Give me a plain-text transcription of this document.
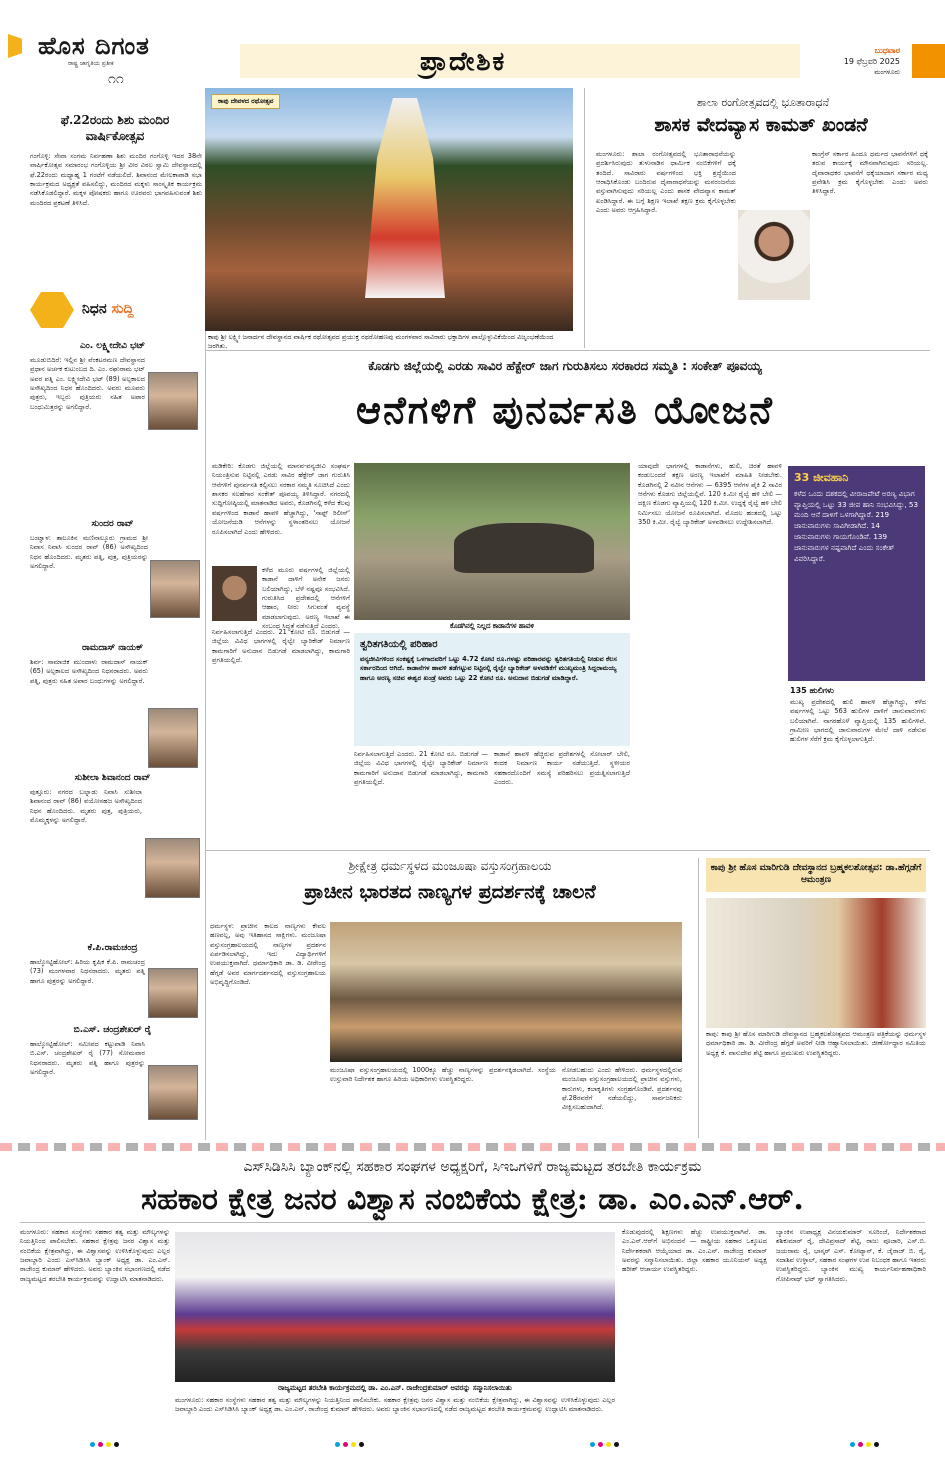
ಹೊಸ ದಿಗಂತ
ರಾಷ್ಟ್ರ ಜಾಗೃತಿಯ ಪ್ರತೀಕ
೧೧
ಪ್ರಾದೇಶಿಕ	ಬುಧವಾರ
19 ಫೆಬ್ರವರಿ 2025
ಮಂಗಳೂರು
ಫೆ.22ರಂದು ಶಿಶು ಮಂದಿರ ವಾರ್ಷಿಕೋತ್ಸವ
ಗಂಗೊಳ್ಳಿ: ಸೇವಾ ಸಂಗಮ ನಿರ್ವಹಣಾ ಶಿಶು ಮಂದಿರ ಗಂಗೊಳ್ಳಿ ಇದರ 38ನೇ ವಾರ್ಷಿಕೋತ್ಸವ ಸಮಾರಂಭ ಗಂಗೊಳ್ಳಿಯ ಶ್ರೀ ವೀರ ವಿಠಲ ಸ್ವಾಮಿ ದೇವಸ್ಥಾನದಲ್ಲಿ ಫೆ.22ರಂದು ಮಧ್ಯಾಹ್ನ 1 ಗಂಟೆಗೆ ನಡೆಯಲಿದೆ. ಶಿವಾನಂದ ಮೇಲಕಾಪಾಡಿ ಸಭಾ ಕಾರ್ಯಕ್ರಮದ ಅಧ್ಯಕ್ಷತೆ ವಹಿಸಲಿದ್ದು, ಮಂದಿರದ ಮಕ್ಕಳು ಸಾಂಸ್ಕೃತಿಕ ಕಾರ್ಯಕ್ರಮ ನಡೆಸಿಕೊಡಲಿದ್ದಾರೆ. ಮಕ್ಕಳ ಪೋಷಕರು ಹಾಗೂ ಊರವರು ಭಾಗವಹಿಸುವಂತೆ ಶಿಶು ಮಂದಿರದ ಪ್ರಕಟಣೆ ತಿಳಿಸಿದೆ.
ನಿಧನ ಸುದ್ದಿ
ಎಂ. ಲಕ್ಷ್ಮೀದೇವಿ ಭಟ್
ಮೂಡುಬಿದಿರೆ: ಇಲ್ಲಿನ ಶ್ರೀ ವೆಂಕಟರಮಣ ದೇವಸ್ಥಾನದ ಪ್ರಧಾನ ಅರ್ಚಕ ಕುಟುಂಬದ ದಿ. ಎಂ. ರಘುರಾಮ ಭಟ್ ಅವರ ಪತ್ನಿ ಎಂ. ಲಕ್ಷ್ಮೀದೇವಿ ಭಟ್ (89) ಅಲ್ಪಕಾಲದ ಅಸೌಖ್ಯದಿಂದ ನಿಧನ ಹೊಂದಿದರು. ಅವರು ಮೂವರು ಪುತ್ರರು, ಇಬ್ಬರು ಪುತ್ರಿಯರು ಸಹಿತ ಅಪಾರ ಬಂಧುಮಿತ್ರರನ್ನು ಅಗಲಿದ್ದಾರೆ.
ಸುಂದರ ರಾವ್
ಬಂಟ್ವಾಳ: ತಾಲೂಕಿನ ಮಣಿನಾಲ್ಕೂರು ಗ್ರಾಮದ ಶ್ರೀ ನಿವಾಸ ನಿವಾಸಿ ಸುಂದರ ರಾವ್ (86) ಅಸೌಖ್ಯದಿಂದ ನಿಧನ ಹೊಂದಿದರು. ಮೃತರು ಪತ್ನಿ, ಪುತ್ರ, ಪುತ್ರಿಯರನ್ನು ಅಗಲಿದ್ದಾರೆ.
ರಾಮದಾಸ್ ನಾಯಕ್
ಶಿರ್ವ: ಸಾಮಾಜಿಕ ಮುಂದಾಳು ರಾಮದಾಸ್ ನಾಯಕ್ (65) ಅಲ್ಪಕಾಲದ ಅಸೌಖ್ಯದಿಂದ ನಿಧನರಾದರು. ಅವರು ಪತ್ನಿ, ಪುತ್ರರು ಸಹಿತ ಅಪಾರ ಬಂಧುಗಳನ್ನು ಅಗಲಿದ್ದಾರೆ.
ಸುಶೀಲಾ ಶಿವಾನಂದ ರಾವ್
ಪುತ್ತೂರು: ನಗರದ ಬಲ್ನಾಡು ನಿವಾಸಿ ಸುಶೀಲಾ ಶಿವಾನಂದ ರಾವ್ (86) ವಯೋಸಹಜ ಅಸೌಖ್ಯದಿಂದ ನಿಧನ ಹೊಂದಿದರು. ಮೃತರು ಪುತ್ರ, ಪುತ್ರಿಯರು, ಮೊಮ್ಮಕ್ಕಳನ್ನು ಅಗಲಿದ್ದಾರೆ.
ಕೆ.ಪಿ.ರಾಮಚಂದ್ರ
ಹಾಲ್ಕೋಟ್ಟಿಹೋಲ್: ಹಿರಿಯ ಕೃಷಿಕ ಕೆ.ಪಿ. ರಾಮಚಂದ್ರ (73) ಮಂಗಳವಾರ ನಿಧನರಾದರು. ಮೃತರು ಪತ್ನಿ ಹಾಗೂ ಪುತ್ರರನ್ನು ಅಗಲಿದ್ದಾರೆ.
ಬಿ.ಎಸ್. ಚಂದ್ರಶೇಖರ್ ರೈ
ಹಾಲ್ಕೋಟ್ಟಿಹೋಲ್: ಸಮೀಪದ ಕಟ್ಟುಪಾಡಿ ನಿವಾಸಿ ಬಿ.ಎಸ್. ಚಂದ್ರಶೇಖರ್ ರೈ (77) ಸೋಮವಾರ ನಿಧನರಾದರು. ಮೃತರು ಪತ್ನಿ ಹಾಗೂ ಪುತ್ರರನ್ನು ಅಗಲಿದ್ದಾರೆ.
ಕಾಪು ದೇವಳದ ರಥೋತ್ಸವ
ಕಾಪು ಶ್ರೀ ಲಕ್ಷ್ಮೀ ಜನಾರ್ದನ ದೇವಸ್ಥಾನದ ವಾರ್ಷಿಕ ರಥೋತ್ಸವದ ಪ್ರಯುಕ್ತ ರಥರೋಹಣವು ಮಂಗಳವಾರ ಸಾವಿರಾರು ಭಕ್ತಾದಿಗಳ ಪಾಲ್ಗೊಳ್ಳುವಿಕೆಯಿಂದ ವಿಜೃಂಭಣೆಯಿಂದ ಜರಗಿತು.
ಶಾಲಾ ರಂಗೋತ್ಸವದಲ್ಲಿ ಭೂತಾರಾಧನೆ
ಶಾಸಕ ವೇದವ್ಯಾಸ ಕಾಮತ್ ಖಂಡನೆ
ಮಂಗಳೂರು: ಶಾಲಾ ರಂಗೋತ್ಸವದಲ್ಲಿ ಭೂತಾರಾಧನೆಯನ್ನು ಪ್ರದರ್ಶಿಸಿರುವುದು ತುಳುನಾಡಿನ ಧಾರ್ಮಿಕ ನಂಬಿಕೆಗಳಿಗೆ ಧಕ್ಕೆ ತಂದಿದೆ. ಸಾವಿರಾರು ವರ್ಷಗಳಿಂದ ಭಕ್ತಿ ಶ್ರದ್ಧೆಯಿಂದ ಆರಾಧಿಸಿಕೊಂಡು ಬಂದಿರುವ ದೈವಾರಾಧನೆಯನ್ನು ಮನರಂಜನೆಯ ವಸ್ತುವಾಗಿಸುವುದು ಸರಿಯಲ್ಲ ಎಂದು ಶಾಸಕ ವೇದವ್ಯಾಸ ಕಾಮತ್ ಖಂಡಿಸಿದ್ದಾರೆ. ಈ ಬಗ್ಗೆ ಶಿಕ್ಷಣ ಇಲಾಖೆ ತಕ್ಷಣ ಕ್ರಮ ಕೈಗೊಳ್ಳಬೇಕು ಎಂದು ಅವರು ಆಗ್ರಹಿಸಿದ್ದಾರೆ.
ಕಾಂಗ್ರೆಸ್ ಸರ್ಕಾರ ಹಿಂದೂ ಧರ್ಮದ ಭಾವನೆಗಳಿಗೆ ಧಕ್ಕೆ ತರುವ ಕಾರ್ಯಕ್ಕೆ ಮೌನವಾಗಿರುವುದು ಸರಿಯಲ್ಲ. ದೈವಾರಾಧಕರ ಭಾವನೆಗೆ ಧಕ್ಕೆಯಾದಾಗ ಸರ್ಕಾರ ಮಧ್ಯ ಪ್ರವೇಶಿಸಿ ಕ್ರಮ ಕೈಗೊಳ್ಳಬೇಕು ಎಂದು ಅವರು ತಿಳಿಸಿದ್ದಾರೆ.
ಕೊಡಗು ಜಿಲ್ಲೆಯಲ್ಲಿ ಎರಡು ಸಾವಿರ ಹೆಕ್ಟೇರ್ ಜಾಗ ಗುರುತಿಸಲು ಸರಕಾರದ ಸಮ್ಮತಿ : ಸಂಕೇತ್ ಪೂವಯ್ಯ
ಆನೆಗಳಿಗೆ ಪುನರ್ವಸತಿ ಯೋಜನೆ
ಮಡಿಕೇರಿ: ಕೊಡಗು ಜಿಲ್ಲೆಯಲ್ಲಿ ಮಾನವ-ವನ್ಯಜೀವಿ ಸಂಘರ್ಷ ನಿಯಂತ್ರಿಸುವ ನಿಟ್ಟಿನಲ್ಲಿ ಎರಡು ಸಾವಿರ ಹೆಕ್ಟೇರ್ ಜಾಗ ಗುರುತಿಸಿ ಆನೆಗಳಿಗೆ ಪುನರ್ವಸತಿ ಕಲ್ಪಿಸಲು ಸರಕಾರ ಸಮ್ಮತಿ ಸೂಚಿಸಿದೆ ಎಂದು ಶಾಸಕರ ಸಲಹೆಗಾರ ಸಂಕೇತ್ ಪೂವಯ್ಯ ತಿಳಿಸಿದ್ದಾರೆ. ನಗರದಲ್ಲಿ ಸುದ್ದಿಗೋಷ್ಠಿಯಲ್ಲಿ ಮಾತನಾಡಿದ ಅವರು, ಕೊಡಗಿನಲ್ಲಿ ಕಳೆದ ಕೆಲವು ವರ್ಷಗಳಿಂದ ಕಾಡಾನೆ ಹಾವಳಿ ಹೆಚ್ಚಾಗಿದ್ದು, 'ಸಾಫ್ಟ್ ರಿಲೀಸ್' ಯೋಜನೆಯಡಿ ಆನೆಗಳನ್ನು ಸ್ಥಳಾಂತರಿಸಲು ಯೋಜನೆ ರೂಪಿಸಲಾಗಿದೆ ಎಂದು ಹೇಳಿದರು.
ಕಳೆದ ಮೂರು ವರ್ಷಗಳಲ್ಲಿ ಜಿಲ್ಲೆಯಲ್ಲಿ ಕಾಡಾನೆ ದಾಳಿಗೆ ಅನೇಕ ಜನರು ಬಲಿಯಾಗಿದ್ದು, ಬೆಳೆ ನಷ್ಟವೂ ಸಂಭವಿಸಿದೆ. ಗುರುತಿಸಿದ ಪ್ರದೇಶದಲ್ಲಿ ಆನೆಗಳಿಗೆ ಆಹಾರ, ನೀರು ಸಿಗುವಂತೆ ವ್ಯವಸ್ಥೆ ಮಾಡಲಾಗುವುದು. ಅರಣ್ಯ ಇಲಾಖೆ ಈ ಸಂಬಂಧ ಸಿದ್ಧತೆ ನಡೆಸುತ್ತಿದೆ ಎಂದರು.
ನಿರ್ವಹಿಸಲಾಗುತ್ತಿದೆ ಎಂದರು. 21 ಕೋಟಿ ರೂ. ಬಿಡುಗಡೆ — ಜಿಲ್ಲೆಯ ವಿವಿಧ ಭಾಗಗಳಲ್ಲಿ ರೈಲ್ವೇ ಬ್ಯಾರಿಕೇಡ್ ನಿರ್ಮಾಣ ಕಾಮಗಾರಿಗೆ ಅನುದಾನ ಬಿಡುಗಡೆ ಮಾಡಲಾಗಿದ್ದು, ಕಾಮಗಾರಿ ಪ್ರಗತಿಯಲ್ಲಿದೆ.
ಕೊಡಗಿನಲ್ಲಿ ನಿಲ್ಲದ ಕಾಡಾನೆಗಳ ಹಾವಳಿ
ತ್ವರಿತಗತಿಯಲ್ಲಿ ಪರಿಹಾರ
ವನ್ಯಜೀವಿಗಳಿಂದ ಸಂಕಷ್ಟಕ್ಕೆ ಒಳಗಾದವರಿಗೆ ಒಟ್ಟು 4.72 ಕೋಟಿ ರೂ.ಗಳಷ್ಟು ಪರಿಹಾರವನ್ನು ತ್ವರಿತಗತಿಯಲ್ಲಿ ನೀಡುವ ಕೆಲಸ ಸರ್ಕಾರದಿಂದ ಆಗಿದೆ. ಕಾಡಾನೆಗಳ ಹಾವಳಿ ತಡೆಗಟ್ಟುವ ನಿಟ್ಟಿನಲ್ಲಿ ರೈಲ್ವೇ ಬ್ಯಾರಿಕೇಡ್ ಅಳವಡಿಕೆಗೆ ಮುಖ್ಯಮಂತ್ರಿ ಸಿದ್ದರಾಮಯ್ಯ ಹಾಗೂ ಅರಣ್ಯ ಸಚಿವ ಈಶ್ವರ ಖಂಡ್ರೆ ಅವರು ಒಟ್ಟು 22 ಕೋಟಿ ರೂ. ಅನುದಾನ ಬಿಡುಗಡೆ ಮಾಡಿದ್ದಾರೆ.
ನಿರ್ವಹಿಸಲಾಗುತ್ತಿದೆ ಎಂದರು. 21 ಕೋಟಿ ರೂ. ಬಿಡುಗಡೆ — ಜಿಲ್ಲೆಯ ವಿವಿಧ ಭಾಗಗಳಲ್ಲಿ ರೈಲ್ವೇ ಬ್ಯಾರಿಕೇಡ್ ನಿರ್ಮಾಣ ಕಾಮಗಾರಿಗೆ ಅನುದಾನ ಬಿಡುಗಡೆ ಮಾಡಲಾಗಿದ್ದು, ಕಾಮಗಾರಿ ಪ್ರಗತಿಯಲ್ಲಿದೆ.
ಕಾಡಾನೆ ಹಾವಳಿ ಹೆಚ್ಚಿರುವ ಪ್ರದೇಶಗಳಲ್ಲಿ ಸೋಲಾರ್ ಬೇಲಿ, ಕಂದಕ ನಿರ್ಮಾಣ ಕಾರ್ಯ ನಡೆಯುತ್ತಿದೆ. ಸ್ಥಳೀಯರ ಸಹಕಾರದೊಂದಿಗೆ ಸಮಸ್ಯೆ ಪರಿಹರಿಸಲು ಪ್ರಯತ್ನಿಸಲಾಗುತ್ತಿದೆ ಎಂದರು.
ಯಾವುದೇ ಭಾಗಗಳಲ್ಲಿ ಕಾಡಾನೆಗಳು, ಹುಲಿ, ಚಿರತೆ ಹಾವಳಿ ಕಂಡುಬಂದರೆ ತಕ್ಷಣ ಅರಣ್ಯ ಇಲಾಖೆಗೆ ಮಾಹಿತಿ ನೀಡಬೇಕು. ಕೊಡಗಿನಲ್ಲಿ 2 ನವೀನ ಆನೆಗಳು — 6395 ಆನೆಗಳ ಪೈಕಿ 2 ಸಾವಿರ ಆನೆಗಳು ಕೊಡಗು ಜಿಲ್ಲೆಯಲ್ಲಿವೆ. 120 ಕಿ.ಮೀ ರೈಲ್ವೆ ಹಳಿ ಬೇಲಿ — ದಕ್ಷಿಣ ಕೊಡಗು ವ್ಯಾಪ್ತಿಯಲ್ಲಿ 120 ಕಿ.ಮೀ. ಉದ್ದಕ್ಕೆ ರೈಲ್ವೆ ಹಳಿ ಬೇಲಿ ನಿರ್ಮಿಸಲು ಯೋಜನೆ ರೂಪಿಸಲಾಗಿದೆ. ಮೊದಲ ಹಂತದಲ್ಲಿ ಒಟ್ಟು 350 ಕಿ.ಮೀ. ರೈಲ್ವೆ ಬ್ಯಾರಿಕೇಡ್ ಅಳವಡಿಸಲು ಉದ್ದೇಶಿಸಲಾಗಿದೆ.
33 ಜೀವಹಾನಿ
ಕಳೆದ ಒಂದು ದಶಕದಲ್ಲಿ ವೀರಾಜಪೇಟೆ ಅರಣ್ಯ ವಿಭಾಗ ವ್ಯಾಪ್ತಿಯಲ್ಲಿ ಒಟ್ಟು 33 ಜೀವ ಹಾನಿ ಸಂಭವಿಸಿದ್ದು, 53 ಮಂದಿ ಆನೆ ದಾಳಿಗೆ ಒಳಗಾಗಿದ್ದಾರೆ. 219 ಜಾನುವಾರುಗಳು ಸಾವಿಗೀಡಾಗಿದೆ. 14 ಜಾನುವಾರುಗಳು ಗಾಯಗೊಂಡಿವೆ. 139 ಜಾನುವಾರುಗಳ ನಷ್ಟವಾಗಿದೆ ಎಂದು ಸಂಕೇತ್ ವಿವರಿಸಿದ್ದಾರೆ.
135 ಹುಲಿಗಳು
ಮುಖ್ಯ ಪ್ರದೇಶದಲ್ಲಿ ಹುಲಿ ಹಾವಳಿ ಹೆಚ್ಚಾಗಿದ್ದು, ಕಳೆದ ವರ್ಷಗಳಲ್ಲಿ ಒಟ್ಟು 563 ಹುಲಿಗಳ ದಾಳಿಗೆ ಜಾನುವಾರುಗಳು ಬಲಿಯಾಗಿವೆ. ನಾಗರಹೊಳೆ ವ್ಯಾಪ್ತಿಯಲ್ಲಿ 135 ಹುಲಿಗಳಿವೆ. ಗ್ರಾಮೀಣ ಭಾಗದಲ್ಲಿ ಜಾನುವಾರುಗಳ ಮೇಲೆ ದಾಳಿ ನಡೆಸುವ ಹುಲಿಗಳ ಸೆರೆಗೆ ಕ್ರಮ ಕೈಗೊಳ್ಳಲಾಗುತ್ತಿದೆ.
ಶ್ರೀಕ್ಷೇತ್ರ ಧರ್ಮಸ್ಥಳದ ಮಂಜೂಷಾ ವಸ್ತುಸಂಗ್ರಹಾಲಯ
ಪ್ರಾಚೀನ ಭಾರತದ ನಾಣ್ಯಗಳ ಪ್ರದರ್ಶನಕ್ಕೆ ಚಾಲನೆ
ಧರ್ಮಸ್ಥಳ: ಪ್ರಾಚೀನ ಕಾಲದ ನಾಣ್ಯಗಳು ಕೇವಲ ಹಣವಲ್ಲ, ಅವು ಇತಿಹಾಸದ ಸಾಕ್ಷಿಗಳು. ಮಂಜೂಷಾ ವಸ್ತುಸಂಗ್ರಹಾಲಯದಲ್ಲಿ ನಾಣ್ಯಗಳ ಪ್ರದರ್ಶನ ಏರ್ಪಡಿಸಲಾಗಿದ್ದು, ಇದು ವಿದ್ಯಾರ್ಥಿಗಳಿಗೆ ಉಪಯುಕ್ತವಾಗಿದೆ. ಧರ್ಮಾಧಿಕಾರಿ ಡಾ. ಡಿ. ವೀರೇಂದ್ರ ಹೆಗ್ಗಡೆ ಅವರ ಮಾರ್ಗದರ್ಶನದಲ್ಲಿ ವಸ್ತುಸಂಗ್ರಹಾಲಯ ಅಭಿವೃದ್ಧಿಗೊಂಡಿದೆ.
ಮಂಜೂಷಾ ವಸ್ತುಸಂಗ್ರಹಾಲಯದಲ್ಲಿ 1000ಕ್ಕೂ ಹೆಚ್ಚು ನಾಣ್ಯಗಳನ್ನು ಪ್ರದರ್ಶನಕ್ಕಿಡಲಾಗಿದೆ. ಸಂಸ್ಥೆಯ ಉಸ್ತುವಾರಿ ನಿರ್ದೇಶಕ ಹಾಗೂ ಹಿರಿಯ ಅಧಿಕಾರಿಗಳು ಉಪಸ್ಥಿತರಿದ್ದರು.
ನೋಡಬಹುದು ಎಂದು ಹೇಳಿದರು. ಧರ್ಮಸ್ಥಳದಲ್ಲಿರುವ ಮಂಜೂಷಾ ವಸ್ತುಸಂಗ್ರಹಾಲಯದಲ್ಲಿ ಪ್ರಾಚೀನ ವಸ್ತುಗಳು, ಕಾರುಗಳು, ಕಲಾಕೃತಿಗಳು ಸಂಗ್ರಹಗೊಂಡಿವೆ. ಪ್ರದರ್ಶನವು ಫೆ.28ರವರೆಗೆ ನಡೆಯಲಿದ್ದು, ಸಾರ್ವಜನಿಕರು ವೀಕ್ಷಿಸಬಹುದಾಗಿದೆ.
ಕಾಪು ಶ್ರೀ ಹೊಸ ಮಾರಿಗುಡಿ ದೇವಸ್ಥಾನದ ಬ್ರಹ್ಮಕಲಶೋತ್ಸವ: ಡಾ.ಹೆಗ್ಗಡೆಗೆ ಆಮಂತ್ರಣ
ಕಾಪು: ಕಾಪು ಶ್ರೀ ಹೊಸ ಮಾರಿಗುಡಿ ದೇವಸ್ಥಾನದ ಬ್ರಹ್ಮಕಲಶೋತ್ಸವದ ಆಮಂತ್ರಣ ಪತ್ರಿಕೆಯನ್ನು ಧರ್ಮಸ್ಥಳ ಧರ್ಮಾಧಿಕಾರಿ ಡಾ. ಡಿ. ವೀರೇಂದ್ರ ಹೆಗ್ಗಡೆ ಅವರಿಗೆ ನೀಡಿ ಆಹ್ವಾನಿಸಲಾಯಿತು. ಜೀರ್ಣೋದ್ಧಾರ ಸಮಿತಿಯ ಅಧ್ಯಕ್ಷ ಕೆ. ವಾಸುದೇವ ಶೆಟ್ಟಿ ಹಾಗೂ ಪ್ರಮುಖರು ಉಪಸ್ಥಿತರಿದ್ದರು.
ಎಸ್‌ಸಿಡಿಸಿಸಿ ಬ್ಯಾಂಕ್‌ನಲ್ಲಿ ಸಹಕಾರ ಸಂಘಗಳ ಅಧ್ಯಕ್ಷರಿಗೆ, ಸಿಇಒಗಳಿಗೆ ರಾಜ್ಯಮಟ್ಟದ ತರಬೇತಿ ಕಾರ್ಯಕ್ರಮ
ಸಹಕಾರ ಕ್ಷೇತ್ರ ಜನರ ವಿಶ್ವಾಸ ನಂಬಿಕೆಯ ಕ್ಷೇತ್ರ: ಡಾ. ಎಂ.ಎನ್.ಆರ್.
ಮಂಗಳೂರು: ಸಹಕಾರ ಸಂಸ್ಥೆಗಳು ಸಹಕಾರ ತತ್ವ ಮತ್ತು ಮೌಲ್ಯಗಳನ್ನು ನಿಯತ್ತಿನಿಂದ ಪಾಲಿಸಬೇಕು. ಸಹಕಾರ ಕ್ಷೇತ್ರವು ಜನರ ವಿಶ್ವಾಸ ಮತ್ತು ನಂಬಿಕೆಯ ಕ್ಷೇತ್ರವಾಗಿದ್ದು, ಈ ವಿಶ್ವಾಸವನ್ನು ಉಳಿಸಿಕೊಳ್ಳುವುದು ಎಲ್ಲರ ಜವಾಬ್ದಾರಿ ಎಂದು ಎಸ್‌ಸಿಡಿಸಿಸಿ ಬ್ಯಾಂಕ್ ಅಧ್ಯಕ್ಷ ಡಾ. ಎಂ.ಎನ್. ರಾಜೇಂದ್ರ ಕುಮಾರ್ ಹೇಳಿದರು. ಅವರು ಬ್ಯಾಂಕಿನ ಸಭಾಂಗಣದಲ್ಲಿ ನಡೆದ ರಾಜ್ಯಮಟ್ಟದ ತರಬೇತಿ ಕಾರ್ಯಕ್ರಮವನ್ನು ಉದ್ಘಾಟಿಸಿ ಮಾತನಾಡಿದರು.
ರಾಜ್ಯಮಟ್ಟದ ತರಬೇತಿ ಕಾರ್ಯಕ್ರಮದಲ್ಲಿ ಡಾ. ಎಂ.ಎನ್. ರಾಜೇಂದ್ರಕುಮಾರ್ ಅವರನ್ನು ಸನ್ಮಾನಿಸಲಾಯಿತು
ಮಂಗಳೂರು: ಸಹಕಾರ ಸಂಸ್ಥೆಗಳು ಸಹಕಾರ ತತ್ವ ಮತ್ತು ಮೌಲ್ಯಗಳನ್ನು ನಿಯತ್ತಿನಿಂದ ಪಾಲಿಸಬೇಕು. ಸಹಕಾರ ಕ್ಷೇತ್ರವು ಜನರ ವಿಶ್ವಾಸ ಮತ್ತು ನಂಬಿಕೆಯ ಕ್ಷೇತ್ರವಾಗಿದ್ದು, ಈ ವಿಶ್ವಾಸವನ್ನು ಉಳಿಸಿಕೊಳ್ಳುವುದು ಎಲ್ಲರ ಜವಾಬ್ದಾರಿ ಎಂದು ಎಸ್‌ಸಿಡಿಸಿಸಿ ಬ್ಯಾಂಕ್ ಅಧ್ಯಕ್ಷ ಡಾ. ಎಂ.ಎನ್. ರಾಜೇಂದ್ರ ಕುಮಾರ್ ಹೇಳಿದರು. ಅವರು ಬ್ಯಾಂಕಿನ ಸಭಾಂಗಣದಲ್ಲಿ ನಡೆದ ರಾಜ್ಯಮಟ್ಟದ ತರಬೇತಿ ಕಾರ್ಯಕ್ರಮವನ್ನು ಉದ್ಘಾಟಿಸಿ ಮಾತನಾಡಿದರು.
ಕೊಡುವುದರಲ್ಲಿ ಶಿಕ್ಷಣಗಳು ಹೆಚ್ಚು ಉಪಯುಕ್ತವಾಗಿವೆ. ಡಾ. ಎಂ.ಎನ್.ಆರ್‌ಗೆ ಅಭಿನಂದನೆ — ರಾಷ್ಟ್ರೀಯ ಸಹಕಾರ ಒಕ್ಕೂಟದ ನಿರ್ದೇಶಕರಾಗಿ ಆಯ್ಕೆಯಾದ ಡಾ. ಎಂ.ಎನ್. ರಾಜೇಂದ್ರ ಕುಮಾರ್ ಅವರನ್ನು ಸನ್ಮಾನಿಸಲಾಯಿತು. ಜಿಲ್ಲಾ ಸಹಕಾರ ಯೂನಿಯನ್ ಅಧ್ಯಕ್ಷ ಹರೀಶ್ ಆಚಾರ್ಯ ಉಪಸ್ಥಿತರಿದ್ದರು.
ಬ್ಯಾಂಕಿನ ಉಪಾಧ್ಯಕ್ಷ ವಿನಯಕುಮಾರ್ ಸೂರಿಂಜೆ, ನಿರ್ದೇಶಕರಾದ ಶಶಿಕುಮಾರ್ ರೈ, ದೇವಿಪ್ರಸಾದ್ ಶೆಟ್ಟಿ, ರಾಜು ಪೂಜಾರಿ, ಎಸ್.ಬಿ. ಜಯರಾಮ ರೈ, ಭಾಸ್ಕರ್ ಎಸ್. ಕೋಟ್ಯಾನ್, ಕೆ. ಜೈರಾಜ್ ಬಿ. ರೈ, ಸದಾಶಿವ ಉಳ್ಳಾಲ್, ಸಹಕಾರ ಸಂಘಗಳ ಉಪ ನಿಬಂಧಕ ಹಾಗೂ ಇತರರು ಉಪಸ್ಥಿತರಿದ್ದರು. ಬ್ಯಾಂಕಿನ ಮುಖ್ಯ ಕಾರ್ಯನಿರ್ವಹಣಾಧಿಕಾರಿ ಗೋಪಿನಾಥ್ ಭಟ್ ಸ್ವಾಗತಿಸಿದರು.
